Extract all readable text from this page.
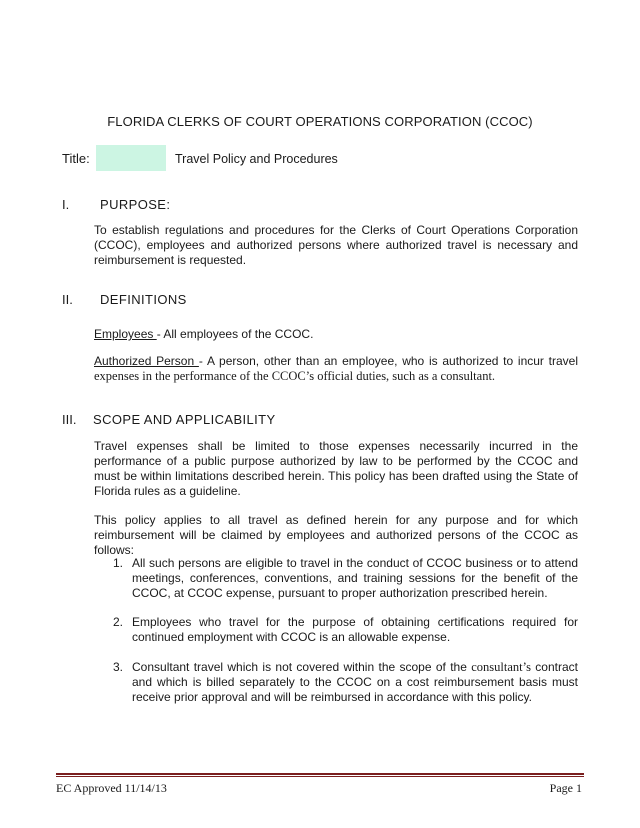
FLORIDA CLERKS OF COURT OPERATIONS CORPORATION (CCOC)
Title:	Travel Policy and Procedures
I. PURPOSE:
To establish regulations and procedures for the Clerks of Court Operations Corporation (CCOC), employees and authorized persons where authorized travel is necessary and reimbursement is requested.
II. DEFINITIONS
Employees - All employees of the CCOC.
Authorized Person - A person, other than an employee, who is authorized to incur travel
expenses in the performance of the CCOC’s official duties, such as a consultant.
III. SCOPE AND APPLICABILITY
Travel expenses shall be limited to those expenses necessarily incurred in the performance of a public purpose authorized by law to be performed by the CCOC and must be within limitations described herein. This policy has been drafted using the State of Florida rules as a guideline.
This policy applies to all travel as defined herein for any purpose and for which reimbursement will be claimed by employees and authorized persons of the CCOC as follows:
1. All such persons are eligible to travel in the conduct of CCOC business or to attend meetings, conferences, conventions, and training sessions for the benefit of the CCOC, at CCOC expense, pursuant to proper authorization prescribed herein.
2. Employees who travel for the purpose of obtaining certifications required for continued employment with CCOC is an allowable expense.
3. Consultant travel which is not covered within the scope of the consultant’s contract and which is billed separately to the CCOC on a cost reimbursement basis must receive prior approval and will be reimbursed in accordance with this policy.
EC Approved 11/14/13	Page 1
